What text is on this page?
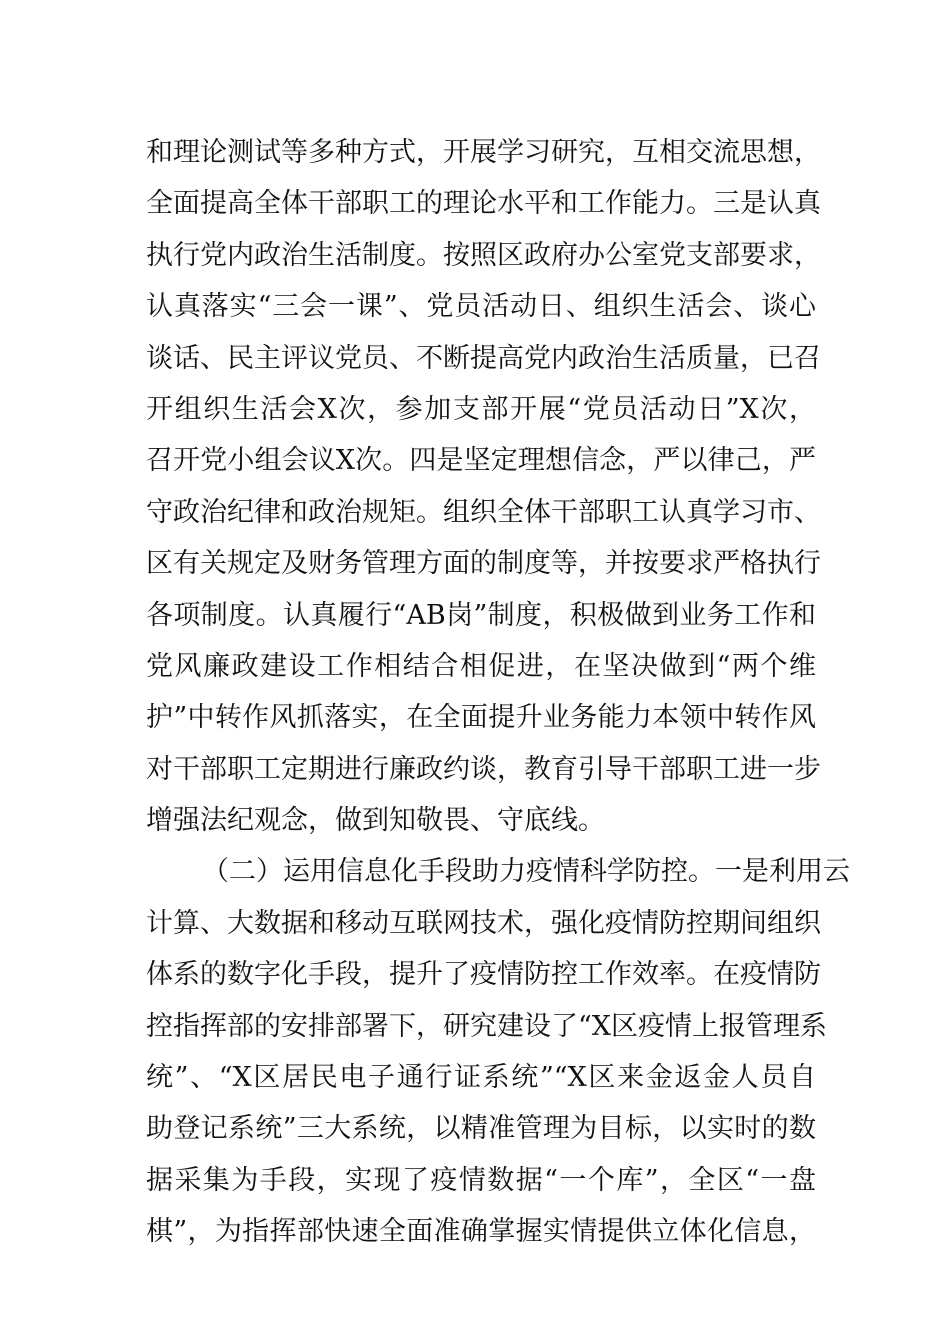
和理论测试等多种方式，开展学习研究，互相交流思想，
全面提高全体干部职工的理论水平和工作能力。三是认真
执行党内政治生活制度。按照区政府办公室党支部要求，
认真落实“三会一课”、党员活动日、组织生活会、谈心
谈话、民主评议党员、不断提高党内政治生活质量，已召
开组织生活会X次，参加支部开展“党员活动日”X次，
召开党小组会议X次。四是坚定理想信念，严以律己，严
守政治纪律和政治规矩。组织全体干部职工认真学习市、
区有关规定及财务管理方面的制度等，并按要求严格执行
各项制度。认真履行“AB岗”制度，积极做到业务工作和
党风廉政建设工作相结合相促进，在坚决做到“两个维
护”中转作风抓落实，在全面提升业务能力本领中转作风
对干部职工定期进行廉政约谈，教育引导干部职工进一步
增强法纪观念，做到知敬畏、守底线。
（二）运用信息化手段助力疫情科学防控。一是利用云
计算、大数据和移动互联网技术，强化疫情防控期间组织
体系的数字化手段，提升了疫情防控工作效率。在疫情防
控指挥部的安排部署下，研究建设了“X区疫情上报管理系
统”、“X区居民电子通行证系统”“X区来金返金人员自
助登记系统”三大系统，以精准管理为目标，以实时的数
据采集为手段，实现了疫情数据“一个库”，全区“一盘
棋”，为指挥部快速全面准确掌握实情提供立体化信息，
